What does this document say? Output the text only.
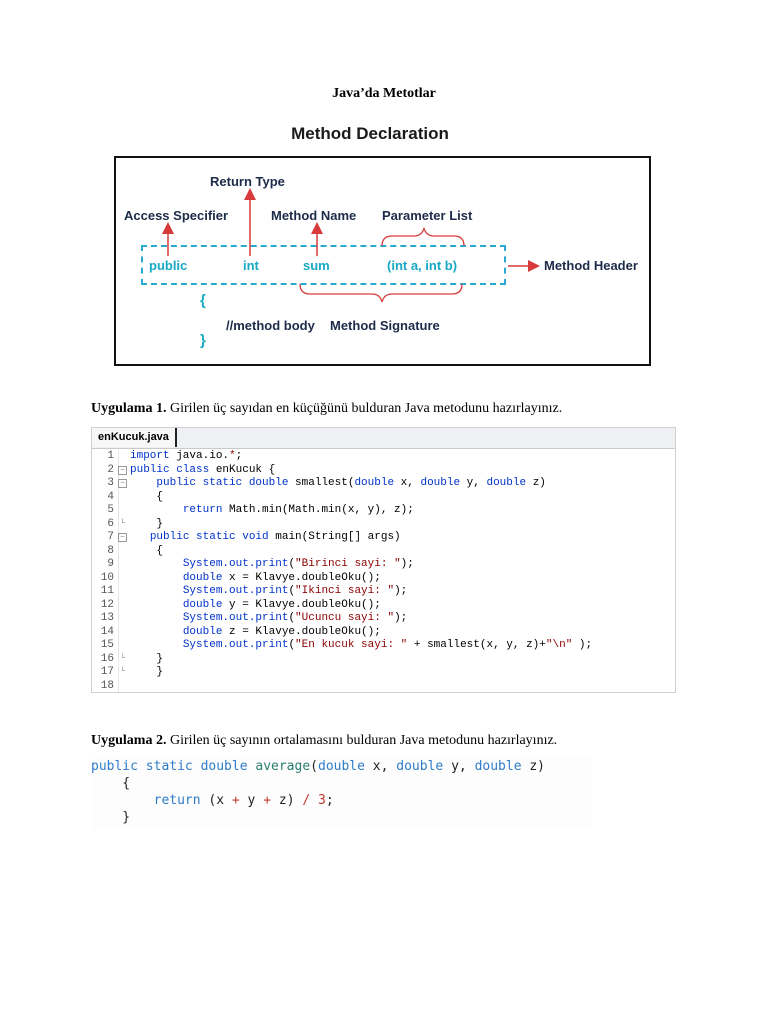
Java’da Metotlar
Method Declaration
Return Type
Access Specifier	Method Name Parameter List
Method Header
//method body Method Signature
public	int	sum	(int a, int b)
{
}
Uygulama 1. Girilen üç sayıdan en küçüğünü bulduran Java metodunu hazırlayınız.
enKucuk.java
1 import java.io.*;
2 − public class enKucuk {
3 −	public static double smallest(double x, double y, double z)
4 {
5	return Math.min(Math.min(x, y), z);
6 └ }
7 −	public static void main(String[] args)
8 {
9	System.out.print("Birinci sayi: ");
10	double x = Klavye.doubleOku();
11	System.out.print("Ikinci sayi: ");
12	double y = Klavye.doubleOku();
13	System.out.print("Ucuncu sayi: ");
14	double z = Klavye.doubleOku();
15	System.out.print("En kucuk sayi: " + smallest(x, y, z)+"\n" );
16 └ }
17 └ }
18
Uygulama 2. Girilen üç sayının ortalamasını bulduran Java metodunu hazırlayınız.
public static double average(double x, double y, double z)
{
return (x + y + z) / 3;
}
